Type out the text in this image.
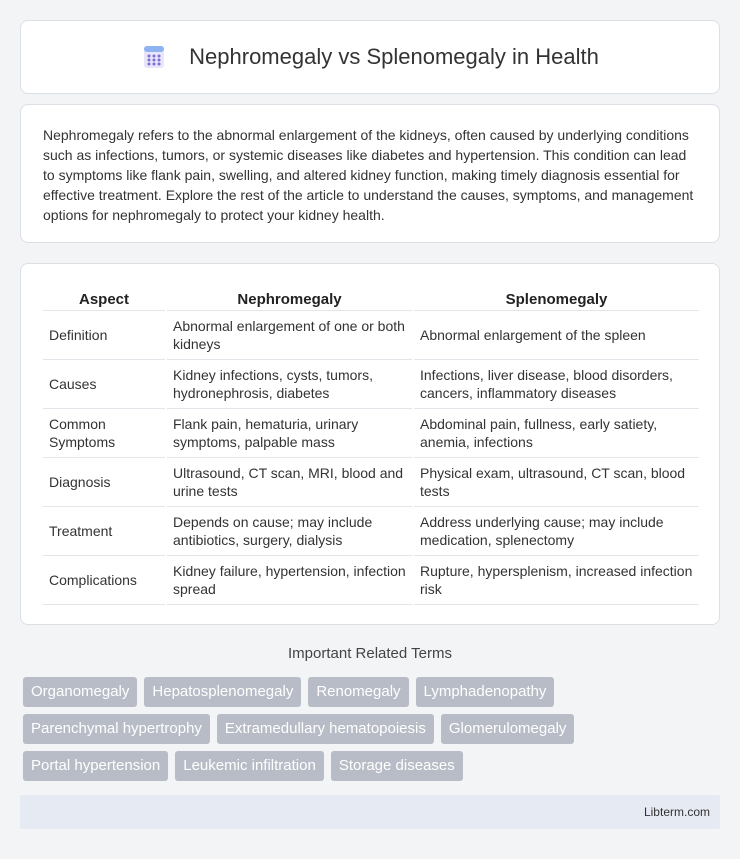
Nephromegaly vs Splenomegaly in Health

Nephromegaly refers to the abnormal enlargement of the kidneys, often caused by underlying conditions such as infections, tumors, or systemic diseases like diabetes and hypertension. This condition can lead to symptoms like flank pain, swelling, and altered kidney function, making timely diagnosis essential for effective treatment. Explore the rest of the article to understand the causes, symptoms, and management options for nephromegaly to protect your kidney health.

Aspect	Nephromegaly	Splenomegaly
Definition	Abnormal enlargement of one or both kidneys	Abnormal enlargement of the spleen
Causes	Kidney infections, cysts, tumors, hydronephrosis, diabetes	Infections, liver disease, blood disorders, cancers, inflammatory diseases
Common Symptoms	Flank pain, hematuria, urinary symptoms, palpable mass	Abdominal pain, fullness, early satiety, anemia, infections
Diagnosis	Ultrasound, CT scan, MRI, blood and urine tests	Physical exam, ultrasound, CT scan, blood tests
Treatment	Depends on cause; may include antibiotics, surgery, dialysis	Address underlying cause; may include medication, splenectomy
Complications	Kidney failure, hypertension, infection spread	Rupture, hypersplenism, increased infection risk
Important Related Terms
Organomegaly	Hepatosplenomegaly	Renomegaly	Lymphadenopathy
Parenchymal hypertrophy	Extramedullary hematopoiesis	Glomerulomegaly
Portal hypertension	Leukemic infiltration	Storage diseases
Libterm.com
